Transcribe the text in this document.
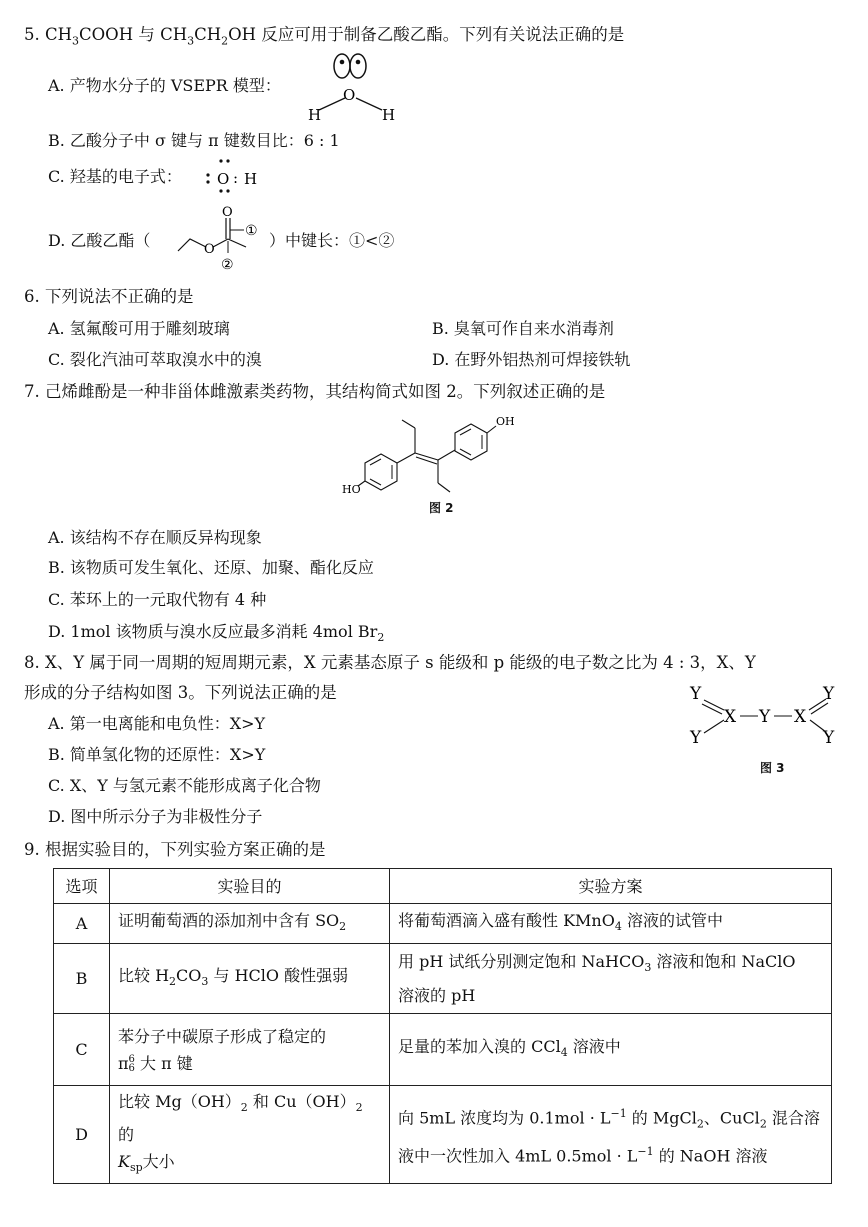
5. $CH_3COOH$ 与 $CH_3CH_2OH$ 反应可用于制备乙酸乙酯。下列有关说法正确的是
A. 产物水分子的 VSEPR 模型：	O
H	H
B. 乙酸分子中 σ 键与 π 键数目比：6 : 1
C. 羟基的电子式： O : H
D. 乙酸乙酯（
O
O
①
②
）中键长：①<②
6. 下列说法不正确的是
A. 氢氟酸可用于雕刻玻璃	B. 臭氧可作自来水消毒剂
C. 裂化汽油可萃取溴水中的溴	D. 在野外铝热剂可焊接铁轨
7. 己烯雌酚是一种非甾体雌激素类药物，其结构简式如图 2。下列叙述正确的是
HO
OH
图 2
A. 该结构不存在顺反异构现象
B. 该物质可发生氧化、还原、加聚、酯化反应
C. 苯环上的一元取代物有 4 种
D. 1mol 该物质与溴水反应最多消耗 4mol $Br_2$
8. X、Y 属于同一周期的短周期元素，X 元素基态原子 s 能级和 p 能级的电子数之比为 4 : 3，X、Y
形成的分子结构如图 3。下列说法正确的是
A. 第一电离能和电负性：X>Y
B. 简单氢化物的还原性：X>Y
C. X、Y 与氢元素不能形成离子化合物
D. 图中所示分子为非极性分子
Y
Y
X Y X
Y
Y
图 3
9. 根据实验目的，下列实验方案正确的是
选项	实验目的	实验方案
A	证明葡萄酒的添加剂中含有 $SO_2$	将葡萄酒滴入盛有酸性 KMnO$_4$ 溶液的试管中
B	比较 $H_2CO_3$ 与 HClO 酸性强弱	用 pH 试纸分别测定饱和 NaHCO$_3$ 溶液和饱和 NaClO
溶液的 pH
C	苯分子中碳原子形成了稳定的
π6
6 大 π 键	足量的苯加入溴的 CCl$_4$ 溶液中
D	比较 $Mg(OH)_2$ 和 $Cu(OH)_2$ 的
$K_{sp}$大小	向 5mL 浓度均为 $0.1mol \cdot L^{-1}$ 的 MgCl$_2$、CuCl$_2$ 混合溶
液中一次性加入 4mL $0.5mol \cdot L^{-1}$ 的 NaOH 溶液
